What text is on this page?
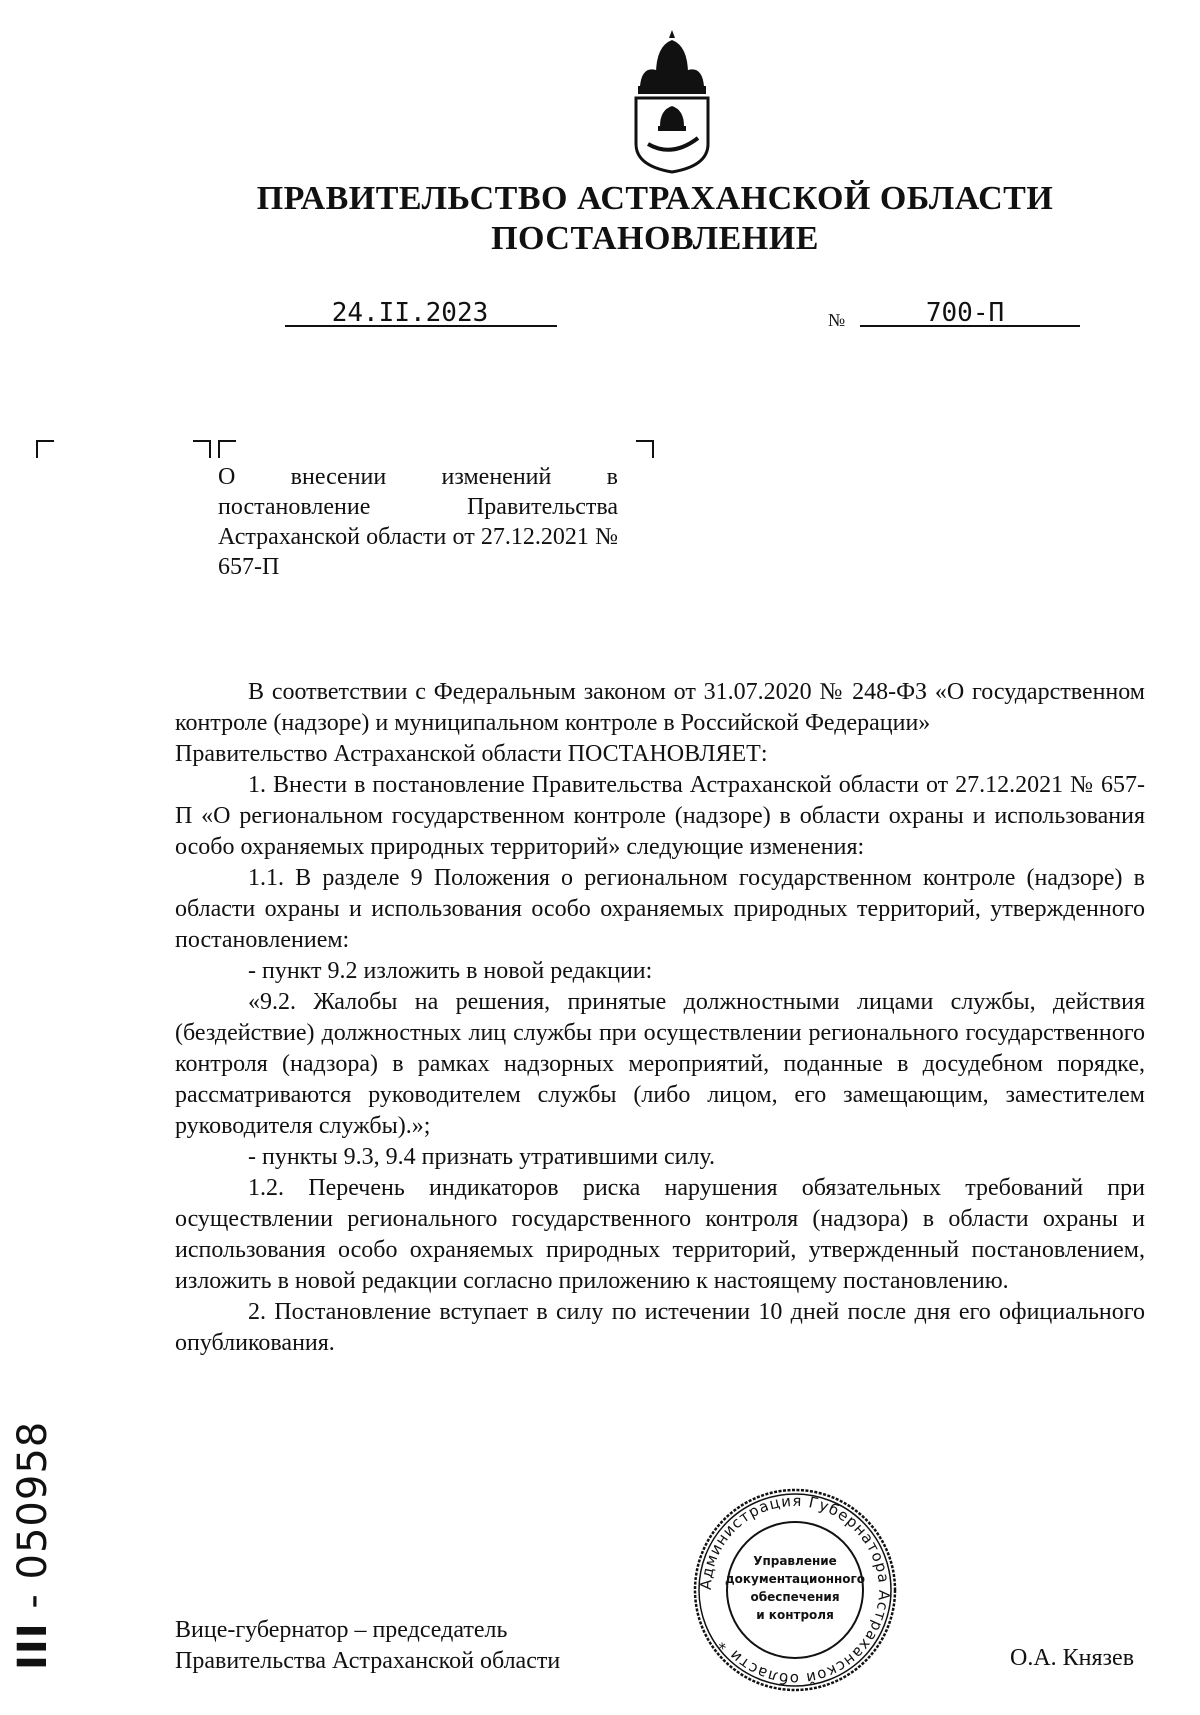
ПРАВИТЕЛЬСТВО АСТРАХАНСКОЙ ОБЛАСТИ
ПОСТАНОВЛЕНИЕ
24.II.2023	№	700-П
О внесении изменений в постановление Правительства Астраханской области от 27.12.2021 № 657-П

В соответствии с Федеральным законом от 31.07.2020 № 248-ФЗ «О государственном контроле (надзоре) и муниципальном контроле в Российской Федерации»

Правительство Астраханской области ПОСТАНОВЛЯЕТ:

1. Внести в постановление Правительства Астраханской области от 27.12.2021 № 657-П «О региональном государственном контроле (надзоре) в области охраны и использования особо охраняемых природных территорий» следующие изменения:

1.1. В разделе 9 Положения о региональном государственном контроле (надзоре) в области охраны и использования особо охраняемых природных территорий, утвержденного постановлением:

- пункт 9.2 изложить в новой редакции:

«9.2. Жалобы на решения, принятые должностными лицами службы, действия (бездействие) должностных лиц службы при осуществлении регионального государственного контроля (надзора) в рамках надзорных мероприятий, поданные в досудебном порядке, рассматриваются руководителем службы (либо лицом, его замещающим, заместителем руководителя службы).»;

- пункты 9.3, 9.4 признать утратившими силу.

1.2. Перечень индикаторов риска нарушения обязательных требований при осуществлении регионального государственного контроля (надзора) в области охраны и использования особо охраняемых природных территорий, утвержденный постановлением, изложить в новой редакции согласно приложению к настоящему постановлению.

2. Постановление вступает в силу по истечении 10 дней после дня его официального опубликования.

Вице-губернатор – председатель
Правительства Астраханской области	О.А. Князев
Администрация Губернатора Астраханской области *
Управление
документационного
обеспечения
и контроля
III - 050958
